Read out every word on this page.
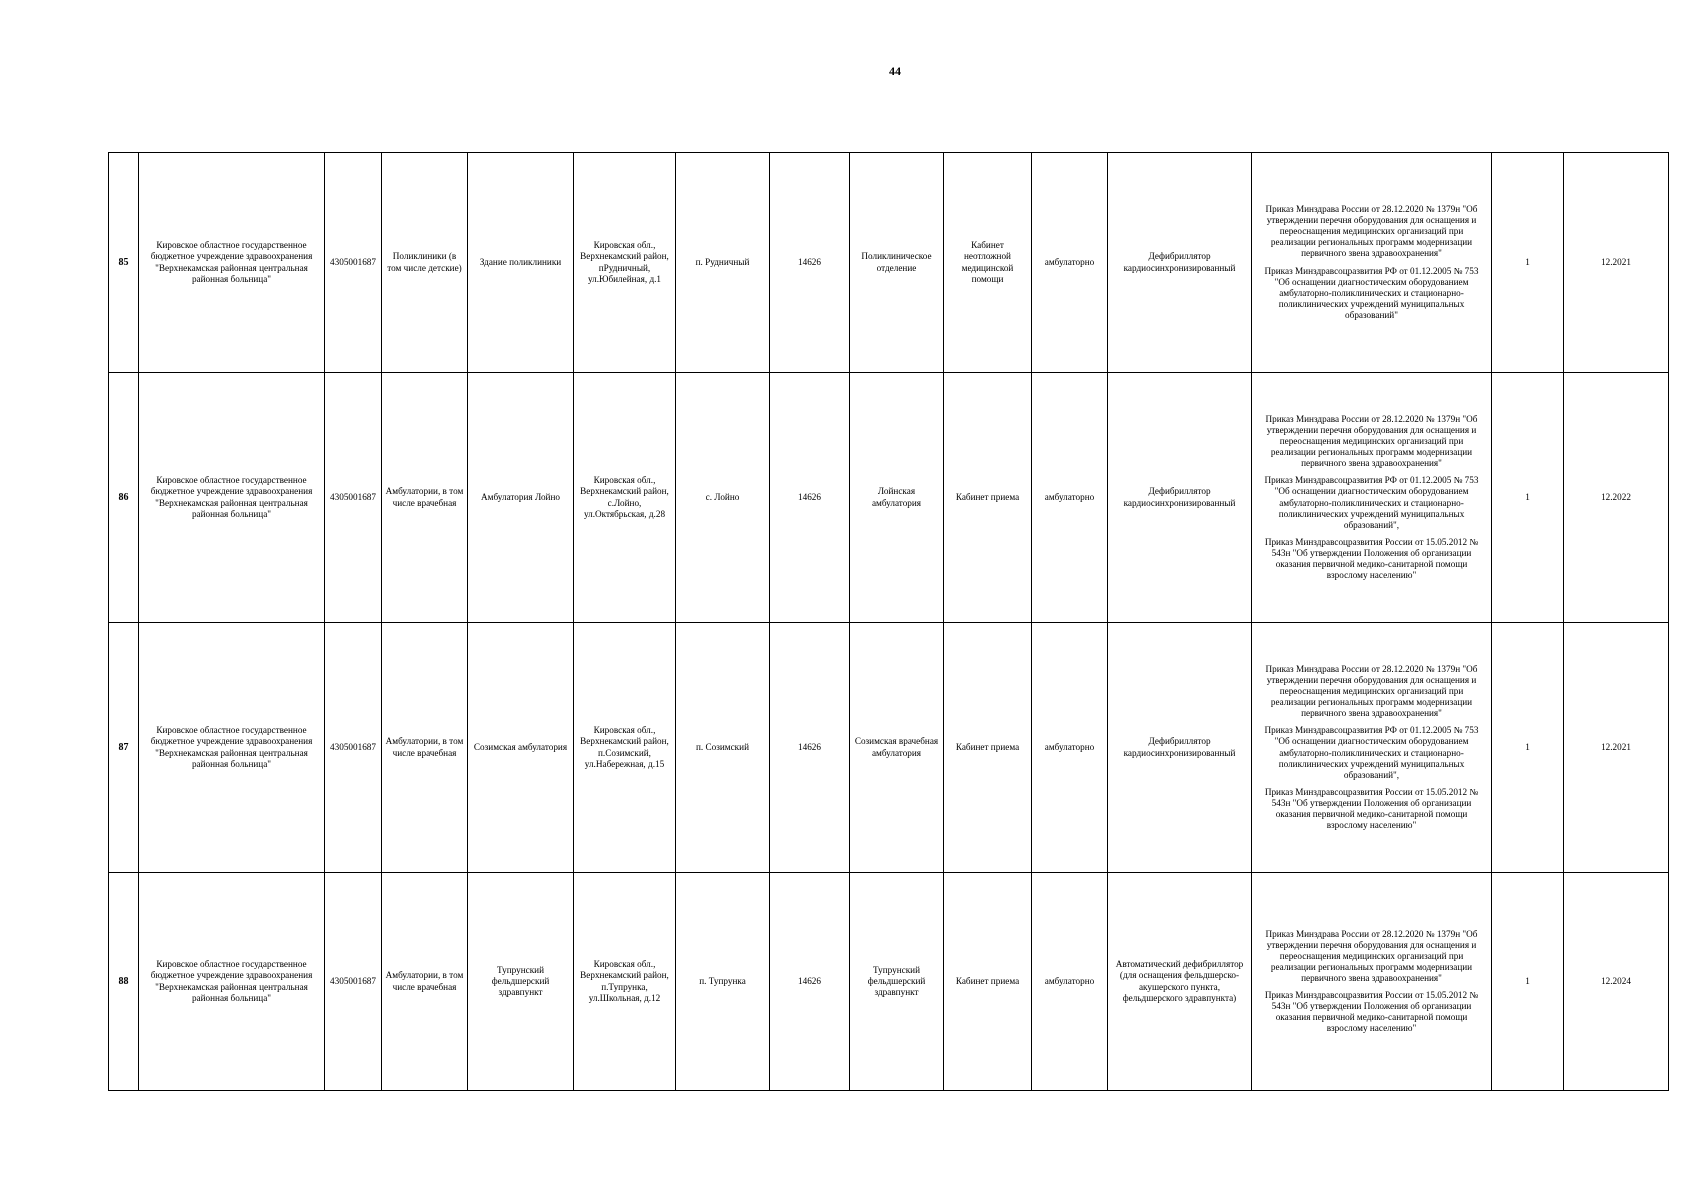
44
85	Кировское областное государственное бюджетное учреждение здравоохранения "Верхнекамская районная центральная районная больница"	4305001687	Поликлиники (в том числе детские)	Здание поликлиники	Кировская обл., Верхнекамский район, пРудничный, ул.Юбилейная, д.1	п. Рудничный	14626	Поликлиническое отделение	Кабинет неотложной медицинской помощи	амбулаторно	Дефибриллятор кардиосинхронизированный	Приказ Минздрава России от 28.12.2020 № 1379н "Об утверждении перечня оборудования для оснащения и переоснащения медицинских организаций при реализации региональных программ модернизации первичного звена здравоохранения"
Приказ Минздравсоцразвития РФ от 01.12.2005 № 753 "Об оснащении диагностическим оборудованием амбулаторно-поликлинических и стационарно-поликлинических учреждений муниципальных образований"	1	12.2021
86	Кировское областное государственное бюджетное учреждение здравоохранения "Верхнекамская районная центральная районная больница"	4305001687	Амбулатории, в том числе врачебная	Амбулатория Лойно	Кировская обл., Верхнекамский район, с.Лойно, ул.Октябрьская, д.28	с. Лойно	14626	Лойнская амбулатория	Кабинет приема	амбулаторно	Дефибриллятор кардиосинхронизированный	Приказ Минздрава России от 28.12.2020 № 1379н "Об утверждении перечня оборудования для оснащения и переоснащения медицинских организаций при реализации региональных программ модернизации первичного звена здравоохранения"
Приказ Минздравсоцразвития РФ от 01.12.2005 № 753 "Об оснащении диагностическим оборудованием амбулаторно-поликлинических и стационарно-поликлинических учреждений муниципальных образований",
Приказ Минздравсоцразвития России от 15.05.2012 № 543н "Об утверждении Положения об организации оказания первичной медико-санитарной помощи взрослому населению"	1	12.2022
87	Кировское областное государственное бюджетное учреждение здравоохранения "Верхнекамская районная центральная районная больница"	4305001687	Амбулатории, в том числе врачебная	Созимская амбулатория	Кировская обл., Верхнекамский район, п.Созимский, ул.Набережная, д.15	п. Созимский	14626	Созимская врачебная амбулатория	Кабинет приема	амбулаторно	Дефибриллятор кардиосинхронизированный	Приказ Минздрава России от 28.12.2020 № 1379н "Об утверждении перечня оборудования для оснащения и переоснащения медицинских организаций при реализации региональных программ модернизации первичного звена здравоохранения"
Приказ Минздравсоцразвития РФ от 01.12.2005 № 753 "Об оснащении диагностическим оборудованием амбулаторно-поликлинических и стационарно-поликлинических учреждений муниципальных образований",
Приказ Минздравсоцразвития России от 15.05.2012 № 543н "Об утверждении Положения об организации оказания первичной медико-санитарной помощи взрослому населению"	1	12.2021
88	Кировское областное государственное бюджетное учреждение здравоохранения "Верхнекамская районная центральная районная больница"	4305001687	Амбулатории, в том числе врачебная	Тупрунский фельдшерский здравпункт	Кировская обл., Верхнекамский район, п.Тупрунка, ул.Школьная, д.12	п. Тупрунка	14626	Тупрунский фельдшерский здравпункт	Кабинет приема	амбулаторно	Автоматический дефибриллятор (для оснащения фельдшерско-акушерского пункта, фельдшерского здравпункта)	Приказ Минздрава России от 28.12.2020 № 1379н "Об утверждении перечня оборудования для оснащения и переоснащения медицинских организаций при реализации региональных программ модернизации первичного звена здравоохранения"
Приказ Минздравсоцразвития России от 15.05.2012 № 543н "Об утверждении Положения об организации оказания первичной медико-санитарной помощи взрослому населению"	1	12.2024
